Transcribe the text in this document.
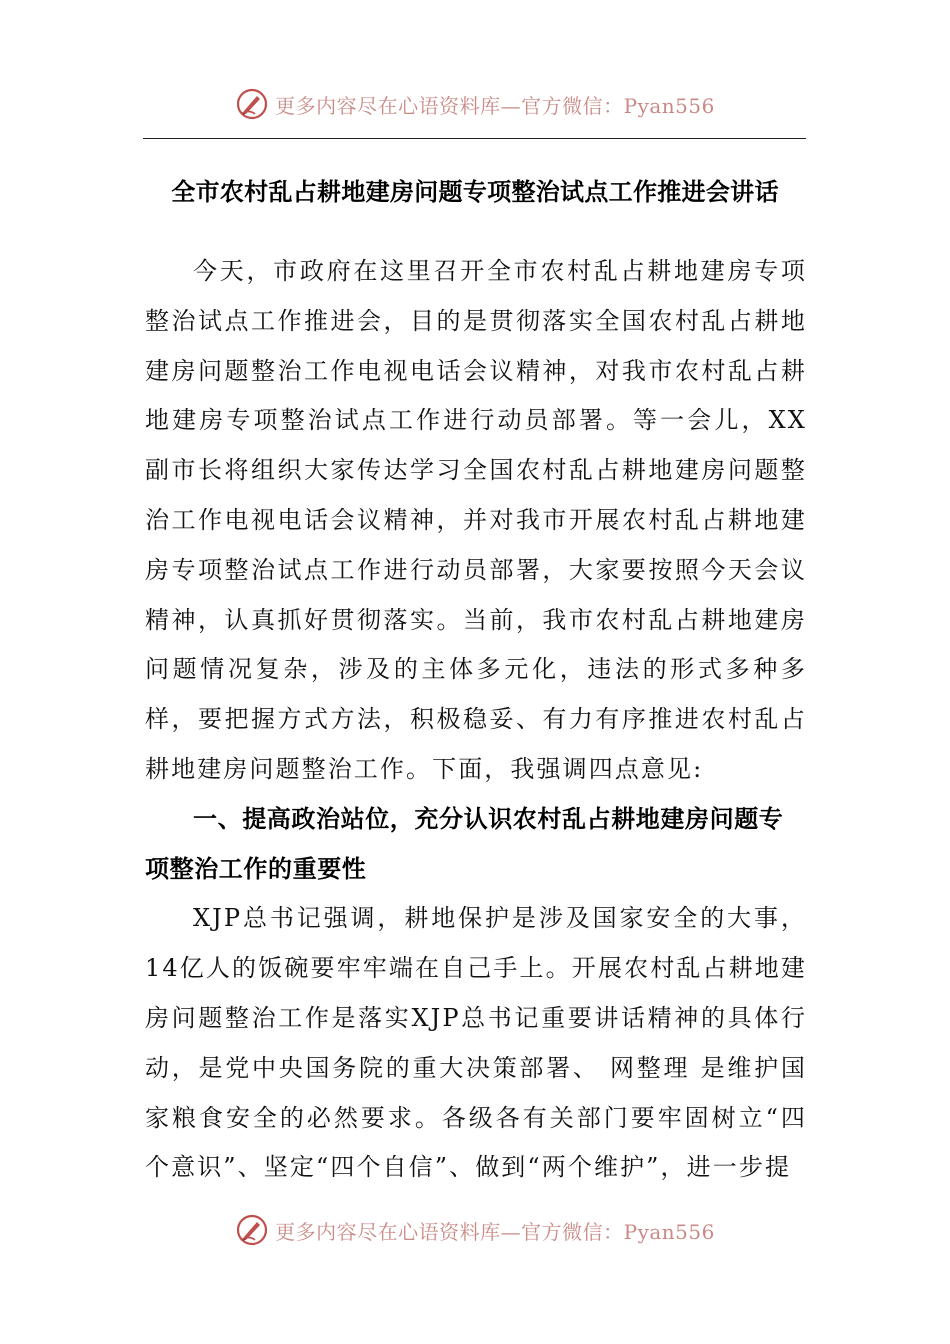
更多内容尽在心语资料库—官方微信：Pyan556
全市农村乱占耕地建房问题专项整治试点工作推进会讲话

今天，市政府在这里召开全市农村乱占耕地建房专项整治试点工作推进会，目的是贯彻落实全国农村乱占耕地建房问题整治工作电视电话会议精神，对我市农村乱占耕地建房专项整治试点工作进行动员部署。等一会儿，XX副市长将组织大家传达学习全国农村乱占耕地建房问题整治工作电视电话会议精神，并对我市开展农村乱占耕地建房专项整治试点工作进行动员部署，大家要按照今天会议精神，认真抓好贯彻落实。当前，我市农村乱占耕地建房问题情况复杂，涉及的主体多元化，违法的形式多种多样，要把握方式方法，积极稳妥、有力有序推进农村乱占耕地建房问题整治工作。下面，我强调四点意见:

一、提高政治站位，充分认识农村乱占耕地建房问题专项整治工作的重要性

XJP总书记强调，耕地保护是涉及国家安全的大事，14亿人的饭碗要牢牢端在自己手上。开展农村乱占耕地建房问题整治工作是落实XJP总书记重要讲话精神的具体行动，是党中央国务院的重大决策部署、 网整理 是维护国家粮食安全的必然要求。各级各有关部门要牢固树立“四个意识”、坚定“四个自信”、做到“两个维护”，进一步提

更多内容尽在心语资料库—官方微信：Pyan556
